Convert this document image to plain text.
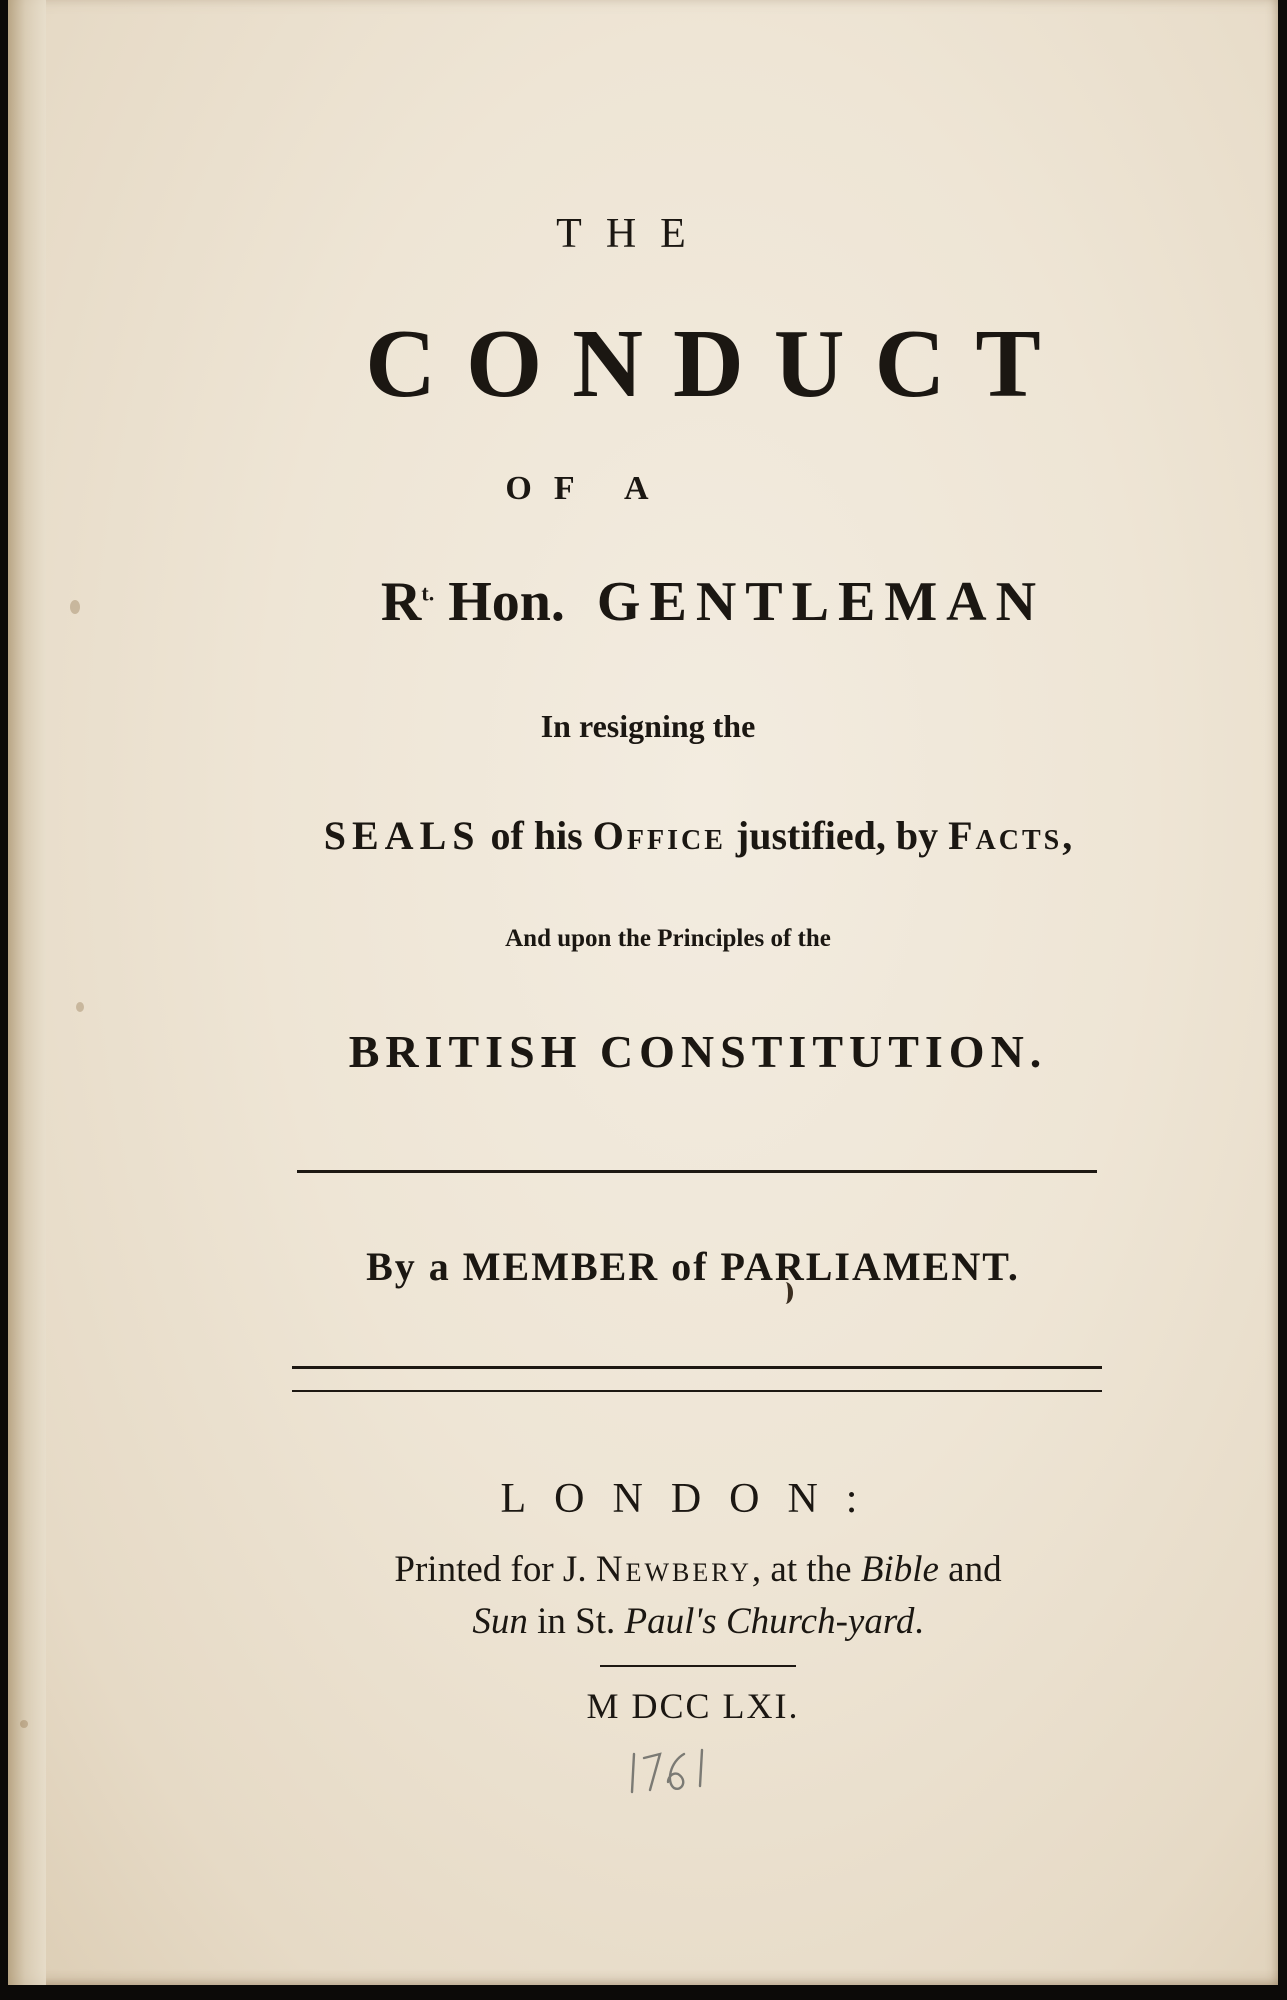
THE
CONDUCT
OF A
$R^{t.}$ Hon. GENTLEMAN
In resigning the
SEALS of his Office justified, by Facts,
And upon the Principles of the
BRITISH CONSTITUTION.
By a MEMBER of PARLIAMENT.
LONDON:
Printed for J. Newbery, at the Bible and
Sun in St. Paul's Church-yard.
M DCC LXI.
